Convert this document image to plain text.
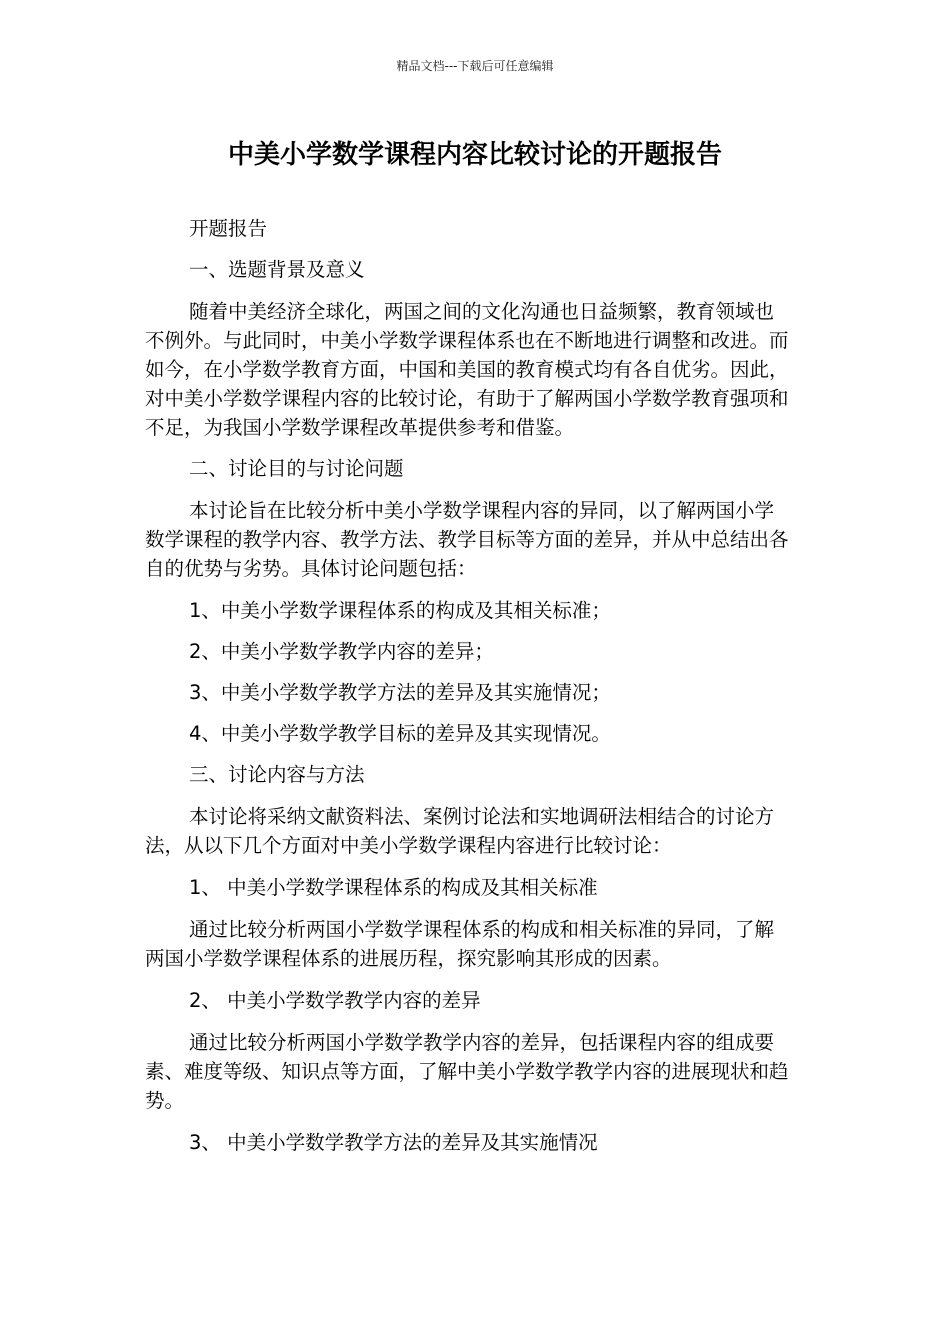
精品文档---下载后可任意编辑
中美小学数学课程内容比较讨论的开题报告

开题报告

一、选题背景及意义

随着中美经济全球化，两国之间的文化沟通也日益频繁，教育领域也不例外。与此同时，中美小学数学课程体系也在不断地进行调整和改进。而如今，在小学数学教育方面，中国和美国的教育模式均有各自优劣。因此，对中美小学数学课程内容的比较讨论，有助于了解两国小学数学教育强项和不足，为我国小学数学课程改革提供参考和借鉴。

二、讨论目的与讨论问题

本讨论旨在比较分析中美小学数学课程内容的异同，以了解两国小学数学课程的教学内容、教学方法、教学目标等方面的差异，并从中总结出各自的优势与劣势。具体讨论问题包括：

1、中美小学数学课程体系的构成及其相关标准；

2、中美小学数学教学内容的差异；

3、中美小学数学教学方法的差异及其实施情况；

4、中美小学数学教学目标的差异及其实现情况。

三、讨论内容与方法

本讨论将采纳文献资料法、案例讨论法和实地调研法相结合的讨论方法，从以下几个方面对中美小学数学课程内容进行比较讨论：

1、 中美小学数学课程体系的构成及其相关标准

通过比较分析两国小学数学课程体系的构成和相关标准的异同，了解两国小学数学课程体系的进展历程，探究影响其形成的因素。

2、 中美小学数学教学内容的差异

通过比较分析两国小学数学教学内容的差异，包括课程内容的组成要素、难度等级、知识点等方面，了解中美小学数学教学内容的进展现状和趋势。

3、 中美小学数学教学方法的差异及其实施情况
